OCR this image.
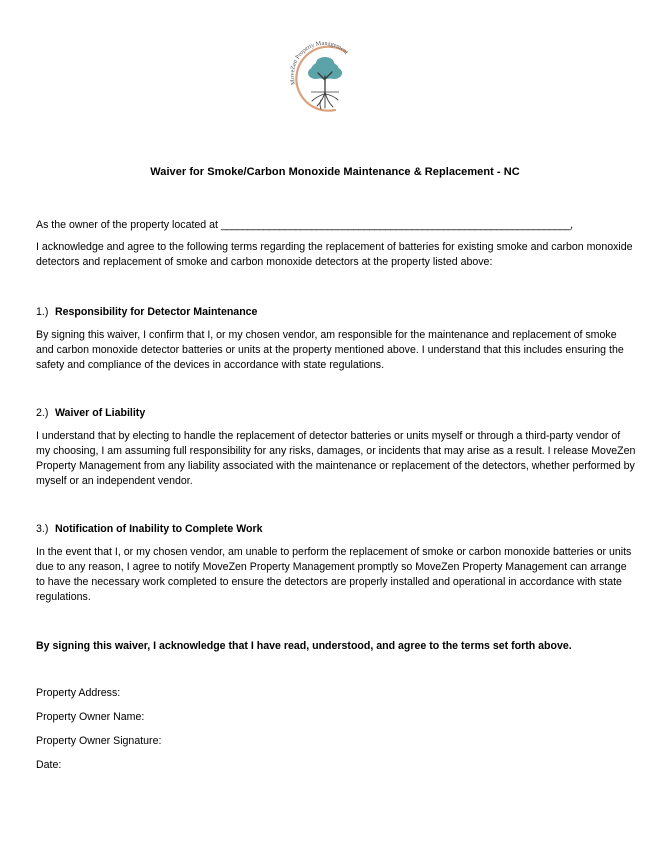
MoveZen Property Management
Waiver for Smoke/Carbon Monoxide Maintenance & Replacement - NC
As the owner of the property located at __________________________________________________________________,
I acknowledge and agree to the following terms regarding the replacement of batteries for existing smoke and carbon monoxide detectors and replacement of smoke and carbon monoxide detectors at the property listed above:
1.) Responsibility for Detector Maintenance
By signing this waiver, I confirm that I, or my chosen vendor, am responsible for the maintenance and replacement of smoke and carbon monoxide detector batteries or units at the property mentioned above. I understand that this includes ensuring the safety and compliance of the devices in accordance with state regulations.
2.) Waiver of Liability
I understand that by electing to handle the replacement of detector batteries or units myself or through a third-party vendor of my choosing, I am assuming full responsibility for any risks, damages, or incidents that may arise as a result. I release MoveZen Property Management from any liability associated with the maintenance or replacement of the detectors, whether performed by myself or an independent vendor.
3.) Notification of Inability to Complete Work
In the event that I, or my chosen vendor, am unable to perform the replacement of smoke or carbon monoxide batteries or units due to any reason, I agree to notify MoveZen Property Management promptly so MoveZen Property Management can arrange to have the necessary work completed to ensure the detectors are properly installed and operational in accordance with state regulations.
By signing this waiver, I acknowledge that I have read, understood, and agree to the terms set forth above.
Property Address:
Property Owner Name:
Property Owner Signature:
Date:
